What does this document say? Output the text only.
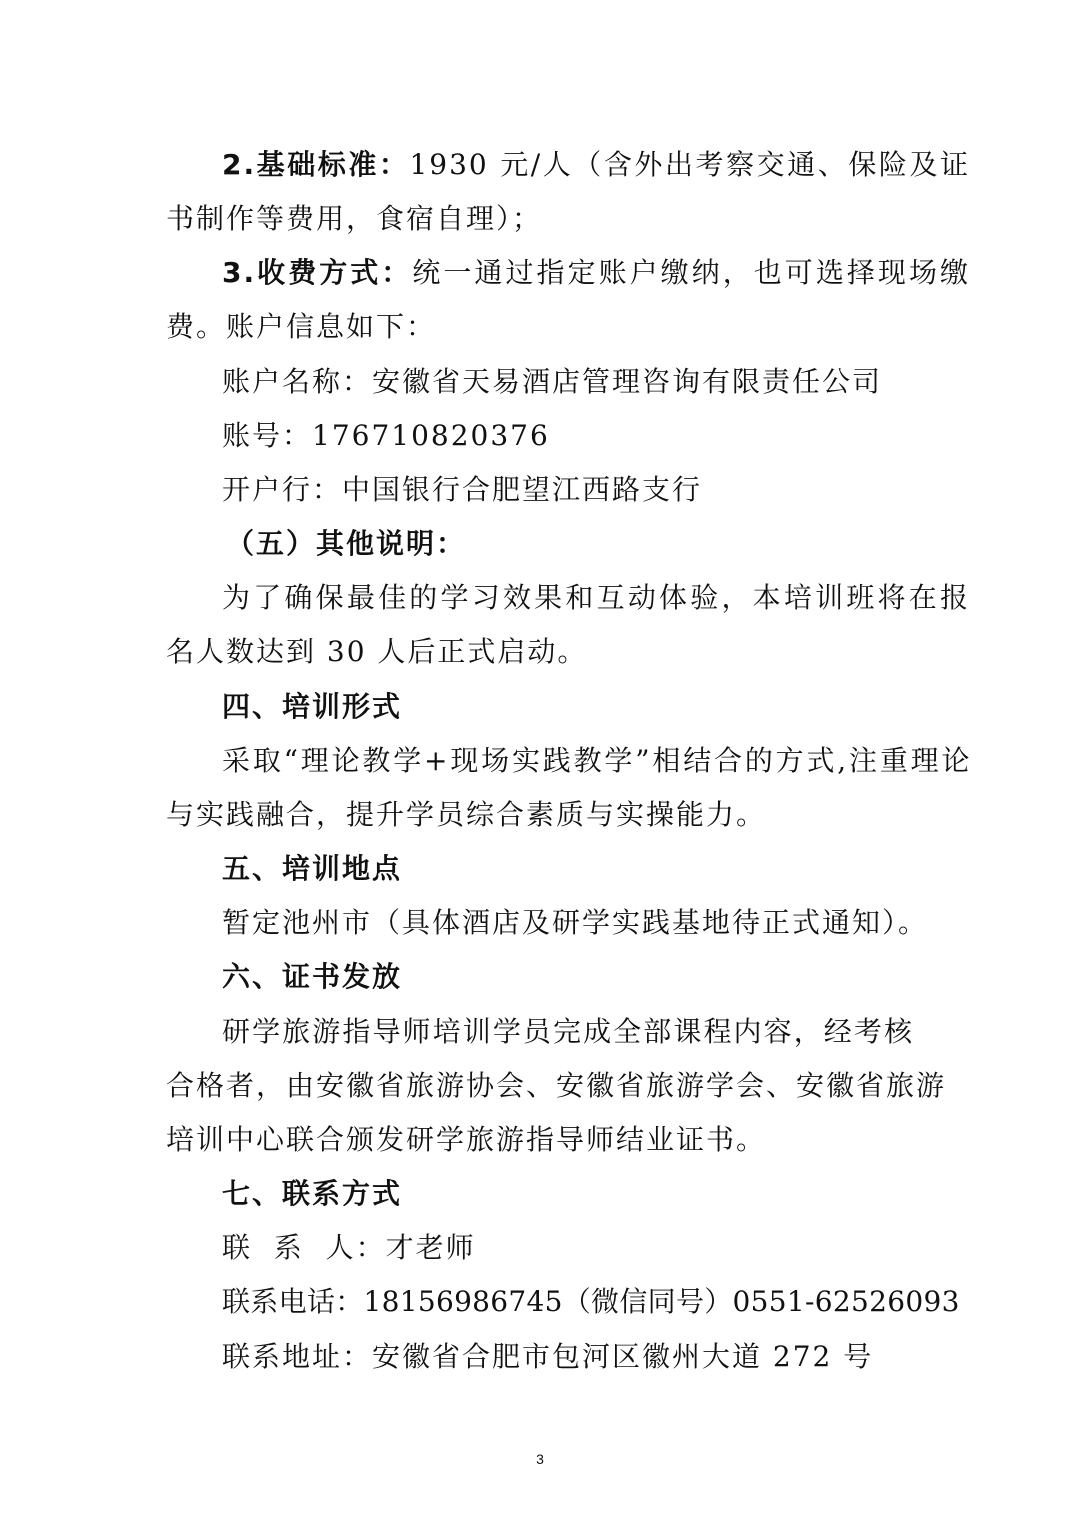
2.基础标准：1930 元/人（含外出考察交通、保险及证
书制作等费用，食宿自理）；
3.收费方式：统一通过指定账户缴纳，也可选择现场缴
费。账户信息如下：
账户名称：安徽省天易酒店管理咨询有限责任公司
账号：176710820376
开户行：中国银行合肥望江西路支行
（五）其他说明：
为了确保最佳的学习效果和互动体验，本培训班将在报
名人数达到 30 人后正式启动。
四、培训形式
采取“理论教学+现场实践教学”相结合的方式,注重理论
与实践融合，提升学员综合素质与实操能力。
五、培训地点
暂定池州市（具体酒店及研学实践基地待正式通知）。
六、证书发放
研学旅游指导师培训学员完成全部课程内容，经考核
合格者，由安徽省旅游协会、安徽省旅游学会、安徽省旅游
培训中心联合颁发研学旅游指导师结业证书。
七、联系方式
联  系  人：才老师
联系电话：18156986745（微信同号）0551-62526093
联系地址：安徽省合肥市包河区徽州大道 272 号
3
